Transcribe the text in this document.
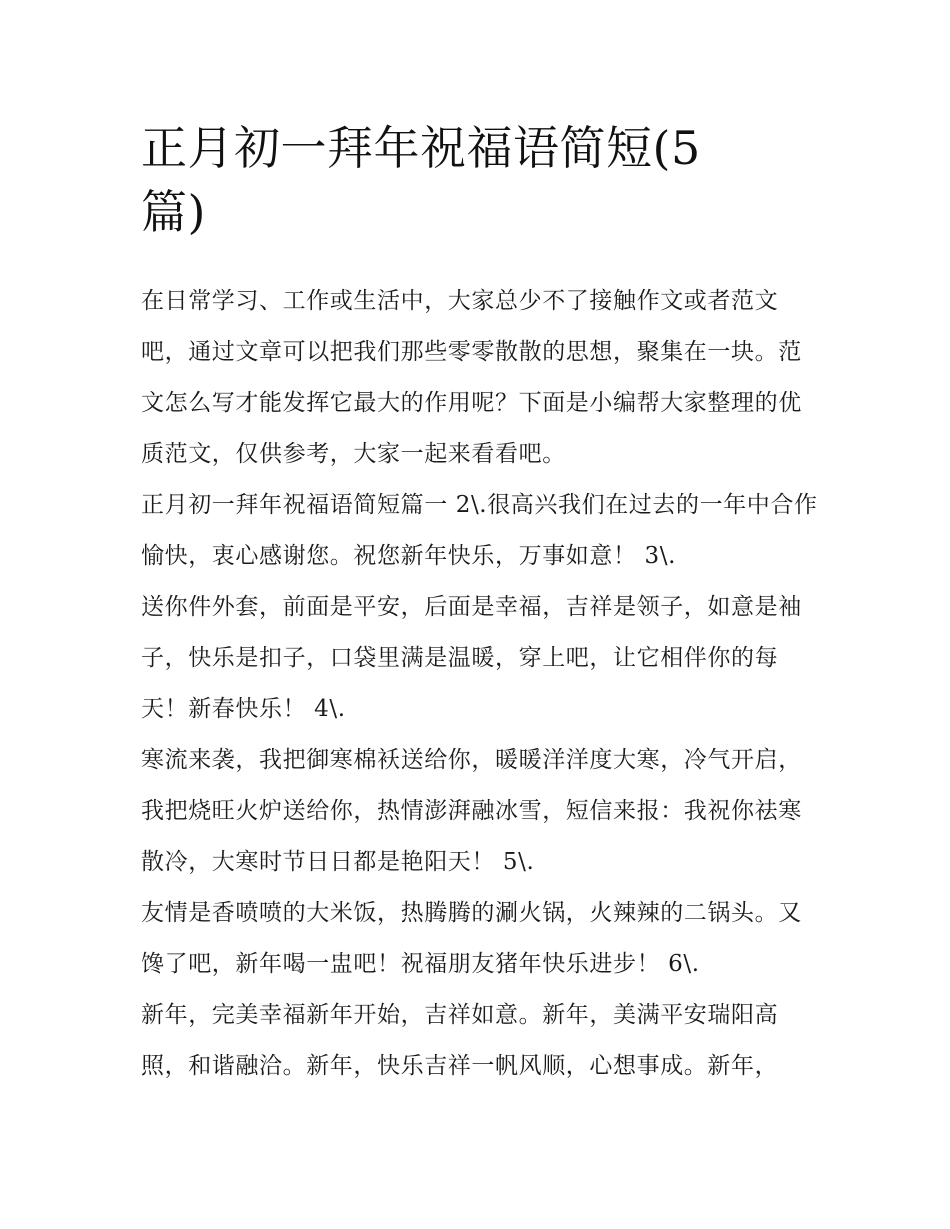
正月初一拜年祝福语简短(5
篇)

在日常学习、工作或生活中，大家总少不了接触作文或者范文吧，通过文章可以把我们那些零零散散的思想，聚集在一块。范文怎么写才能发挥它最大的作用呢？下面是小编帮大家整理的优质范文，仅供参考，大家一起来看看吧。

正月初一拜年祝福语简短篇一 2\.很高兴我们在过去的一年中合作愉快，衷心感谢您。祝您新年快乐，万事如意！ 3\.

送你件外套，前面是平安，后面是幸福，吉祥是领子，如意是袖子，快乐是扣子，口袋里满是温暖，穿上吧，让它相伴你的每天！新春快乐！ 4\.

寒流来袭，我把御寒棉袄送给你，暖暖洋洋度大寒，冷气开启，我把烧旺火炉送给你，热情澎湃融冰雪，短信来报：我祝你祛寒散冷，大寒时节日日都是艳阳天！ 5\.

友情是香喷喷的大米饭，热腾腾的涮火锅，火辣辣的二锅头。又馋了吧，新年喝一盅吧！祝福朋友猪年快乐进步！ 6\.

新年，完美幸福新年开始，吉祥如意。新年，美满平安瑞阳高照，和谐融洽。新年，快乐吉祥一帆风顺，心想事成。新年，
